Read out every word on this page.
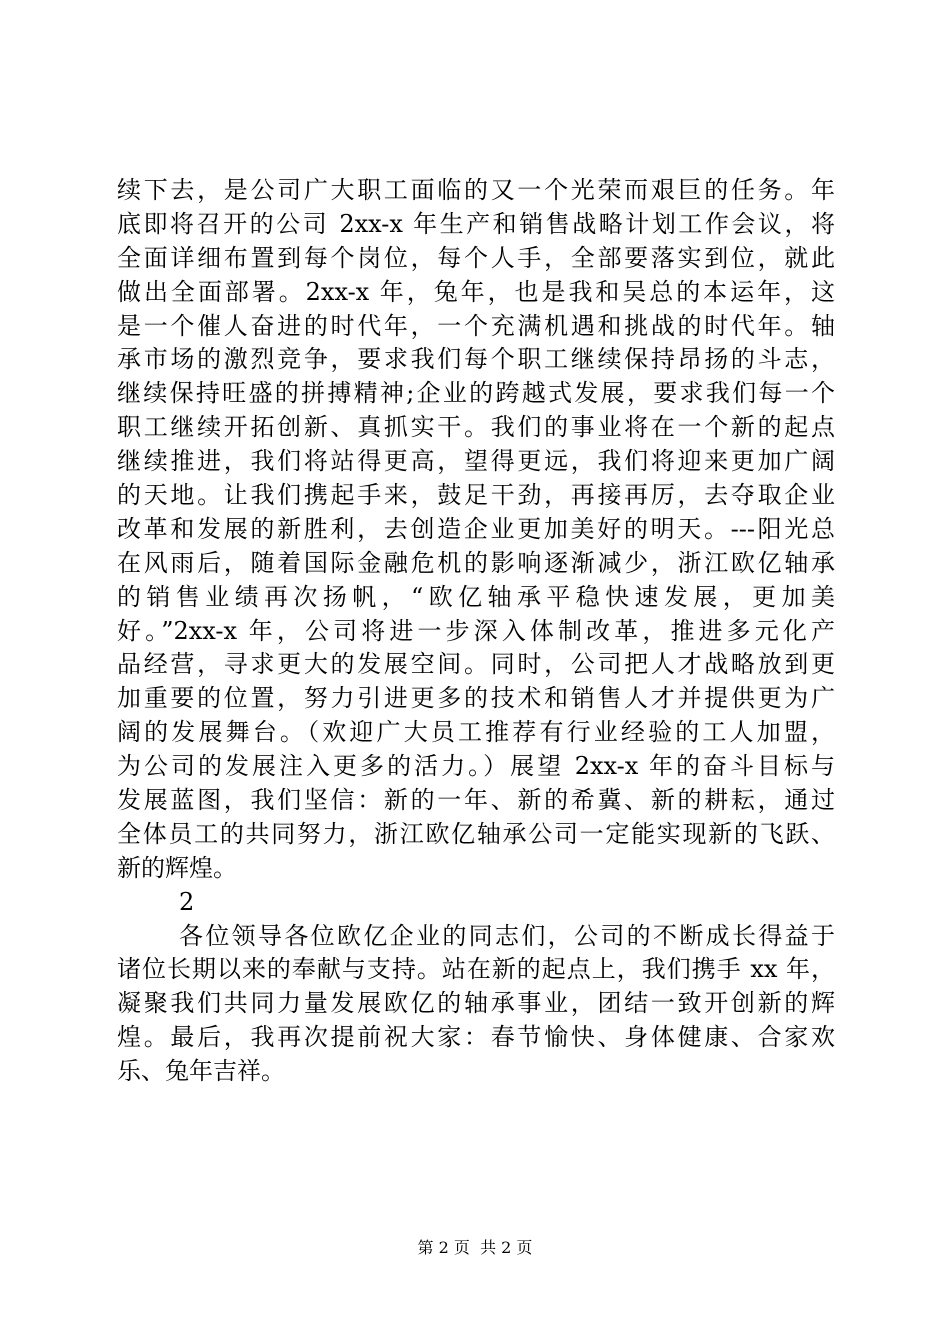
续下去，是公司广大职工面临的又一个光荣而艰巨的任务。年
底即将召开的公司 2xx-x 年生产和销售战略计划工作会议，将
全面详细布置到每个岗位，每个人手，全部要落实到位，就此
做出全面部署。2xx-x 年，兔年，也是我和吴总的本运年，这
是一个催人奋进的时代年，一个充满机遇和挑战的时代年。轴
承市场的激烈竞争，要求我们每个职工继续保持昂扬的斗志，
继续保持旺盛的拼搏精神;企业的跨越式发展，要求我们每一个
职工继续开拓创新、真抓实干。我们的事业将在一个新的起点
继续推进，我们将站得更高，望得更远，我们将迎来更加广阔
的天地。让我们携起手来，鼓足干劲，再接再厉，去夺取企业
改革和发展的新胜利，去创造企业更加美好的明天。---阳光总
在风雨后，随着国际金融危机的影响逐渐减少，浙江欧亿轴承
的销售业绩再次扬帆，“欧亿轴承平稳快速发展，更加美
好。”2xx-x 年，公司将进一步深入体制改革，推进多元化产
品经营，寻求更大的发展空间。同时，公司把人才战略放到更
加重要的位置，努力引进更多的技术和销售人才并提供更为广
阔的发展舞台。（欢迎广大员工推荐有行业经验的工人加盟，
为公司的发展注入更多的活力。）展望 2xx-x 年的奋斗目标与
发展蓝图，我们坚信：新的一年、新的希冀、新的耕耘，通过
全体员工的共同努力，浙江欧亿轴承公司一定能实现新的飞跃、
新的辉煌。
2
各位领导各位欧亿企业的同志们，公司的不断成长得益于
诸位长期以来的奉献与支持。站在新的起点上，我们携手 xx 年，
凝聚我们共同力量发展欧亿的轴承事业，团结一致开创新的辉
煌。最后，我再次提前祝大家：春节愉快、身体健康、合家欢
乐、兔年吉祥。
第 2 页  共 2 页
